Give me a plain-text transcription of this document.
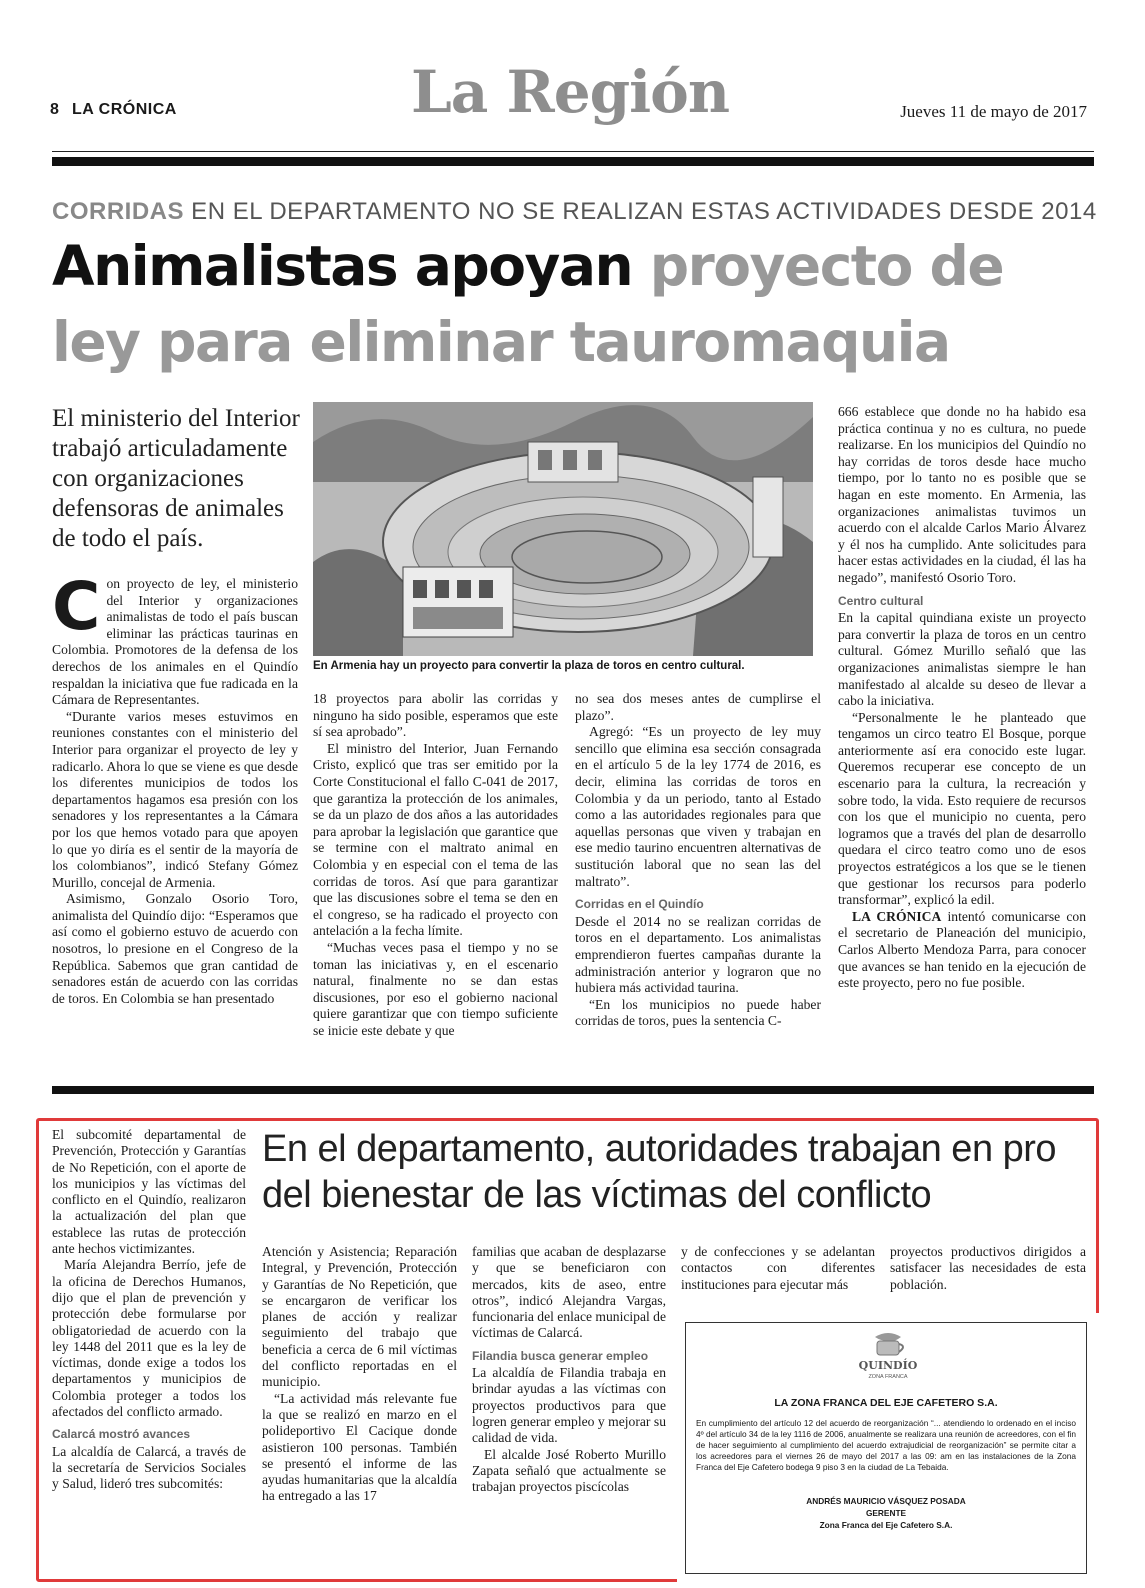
8 LA CRÓNICA	La Región	Jueves 11 de mayo de 2017
CORRIDAS EN EL DEPARTAMENTO NO SE REALIZAN ESTAS ACTIVIDADES DESDE 2014
Animalistas apoyan proyecto de
ley para eliminar tauromaquia
El ministerio del Interior trabajó articuladamente con organizaciones defensoras de animales de todo el país.
En Armenia hay un proyecto para convertir la plaza de toros en centro cultural.
C on proyecto de ley, el ministerio del Interior y organizaciones animalistas de todo el país buscan eliminar las prácticas taurinas en Colombia. Promotores de la defensa de los derechos de los animales en el Quindío respaldan la iniciativa que fue radicada en la Cámara de Representantes.

“Durante varios meses estuvimos en reuniones constantes con el ministerio del Interior para organizar el proyecto de ley y radicarlo. Ahora lo que se viene es que desde los diferentes municipios de todos los departamentos hagamos esa presión con los senadores y los representantes a la Cámara por los que hemos votado para que apoyen lo que yo diría es el sentir de la mayoría de los colombianos”, indicó Stefany Gómez Murillo, concejal de Armenia.

Asimismo, Gonzalo Osorio Toro, animalista del Quindío dijo: “Esperamos que así como el gobierno estuvo de acuerdo con nosotros, lo presione en el Congreso de la República. Sabemos que gran cantidad de senadores están de acuerdo con las corridas de toros. En Colombia se han presentado

18 proyectos para abolir las corridas y ninguno ha sido posible, esperamos que este sí sea aprobado”.

El ministro del Interior, Juan Fernando Cristo, explicó que tras ser emitido por la Corte Constitucional el fallo C-041 de 2017, que garantiza la protección de los animales, se da un plazo de dos años a las autoridades para aprobar la legislación que garantice que se termine con el maltrato animal en Colombia y en especial con el tema de las corridas de toros. Así que para garantizar que las discusiones sobre el tema se den en el congreso, se ha radicado el proyecto con antelación a la fecha límite.

“Muchas veces pasa el tiempo y no se toman las iniciativas y, en el escenario natural, finalmente no se dan estas discusiones, por eso el gobierno nacional quiere garantizar que con tiempo suficiente se inicie este debate y que

no sea dos meses antes de cumplirse el plazo”.

Agregó: “Es un proyecto de ley muy sencillo que elimina esa sección consagrada en el artículo 5 de la ley 1774 de 2016, es decir, elimina las corridas de toros en Colombia y da un periodo, tanto al Estado como a las autoridades regionales para que aquellas personas que viven y trabajan en ese medio taurino encuentren alternativas de sustitución laboral que no sean las del maltrato”.

Corridas en el Quindío

Desde el 2014 no se realizan corridas de toros en el departamento. Los animalistas emprendieron fuertes campañas durante la administración anterior y lograron que no hubiera más actividad taurina.

“En los municipios no puede haber corridas de toros, pues la sentencia C-

666 establece que donde no ha habido esa práctica continua y no es cultura, no puede realizarse. En los municipios del Quindío no hay corridas de toros desde hace mucho tiempo, por lo tanto no es posible que se hagan en este momento. En Armenia, las organizaciones animalistas tuvimos un acuerdo con el alcalde Carlos Mario Álvarez y él nos ha cumplido. Ante solicitudes para hacer estas actividades en la ciudad, él las ha negado”, manifestó Osorio Toro.

Centro cultural

En la capital quindiana existe un proyecto para convertir la plaza de toros en un centro cultural. Gómez Murillo señaló que las organizaciones animalistas siempre le han manifestado al alcalde su deseo de llevar a cabo la iniciativa.

“Personalmente le he planteado que tengamos un circo teatro El Bosque, porque anteriormente así era conocido este lugar. Queremos recuperar ese concepto de un escenario para la cultura, la recreación y sobre todo, la vida. Esto requiere de recursos con los que el municipio no cuenta, pero logramos que a través del plan de desarrollo quedara el circo teatro como uno de esos proyectos estratégicos a los que se le tienen que gestionar los recursos para poderlo transformar”, explicó la edil.

LA CRÓNICA intentó comunicarse con el secretario de Planeación del municipio, Carlos Alberto Mendoza Parra, para conocer que avances se han tenido en la ejecución de este proyecto, pero no fue posible.

En el departamento, autoridades trabajan en pro del bienestar de las víctimas del conflicto

El subcomité departamental de Prevención, Protección y Garantías de No Repetición, con el aporte de los municipios y las víctimas del conflicto en el Quindío, realizaron la actualización del plan que establece las rutas de protección ante hechos victimizantes.

María Alejandra Berrío, jefe de la oficina de Derechos Humanos, dijo que el plan de prevención y protección debe formularse por obligatoriedad de acuerdo con la ley 1448 del 2011 que es la ley de víctimas, donde exige a todos los departamentos y municipios de Colombia proteger a todos los afectados del conflicto armado.

Calarcá mostró avances

La alcaldía de Calarcá, a través de la secretaría de Servicios Sociales y Salud, lideró tres subcomités:

Atención y Asistencia; Reparación Integral, y Prevención, Protección y Garantías de No Repetición, que se encargaron de verificar los planes de acción y realizar seguimiento del trabajo que beneficia a cerca de 6 mil víctimas del conflicto reportadas en el municipio.

“La actividad más relevante fue la que se realizó en marzo en el polideportivo El Cacique donde asistieron 100 personas. También se presentó el informe de las ayudas humanitarias que la alcaldía ha entregado a las 17

familias que acaban de desplazarse y que se beneficiaron con mercados, kits de aseo, entre otros”, indicó Alejandra Vargas, funcionaria del enlace municipal de víctimas de Calarcá.

Filandia busca generar empleo

La alcaldía de Filandia trabaja en brindar ayudas a las víctimas con proyectos productivos para que logren generar empleo y mejorar su calidad de vida.

El alcalde José Roberto Murillo Zapata señaló que actualmente se trabajan proyectos piscícolas

y de confecciones y se adelantan contactos con diferentes instituciones para ejecutar más

proyectos productivos dirigidos a satisfacer las necesidades de esta población.

QUINDÍO
ZONA FRANCA
LA ZONA FRANCA DEL EJE CAFETERO S.A.
En cumplimiento del artículo 12 del acuerdo de reorganización “... atendiendo lo ordenado en el inciso 4º del artículo 34 de la ley 1116 de 2006, anualmente se realizara una reunión de acreedores, con el fin de hacer seguimiento al cumplimiento del acuerdo extrajudicial de reorganización” se permite citar a los acreedores para el viernes 26 de mayo del 2017 a las 09: am en las instalaciones de la Zona Franca del Eje Cafetero bodega 9 piso 3 en la ciudad de La Tebaida.
ANDRÉS MAURICIO VÁSQUEZ POSADA
GERENTE
Zona Franca del Eje Cafetero S.A.
